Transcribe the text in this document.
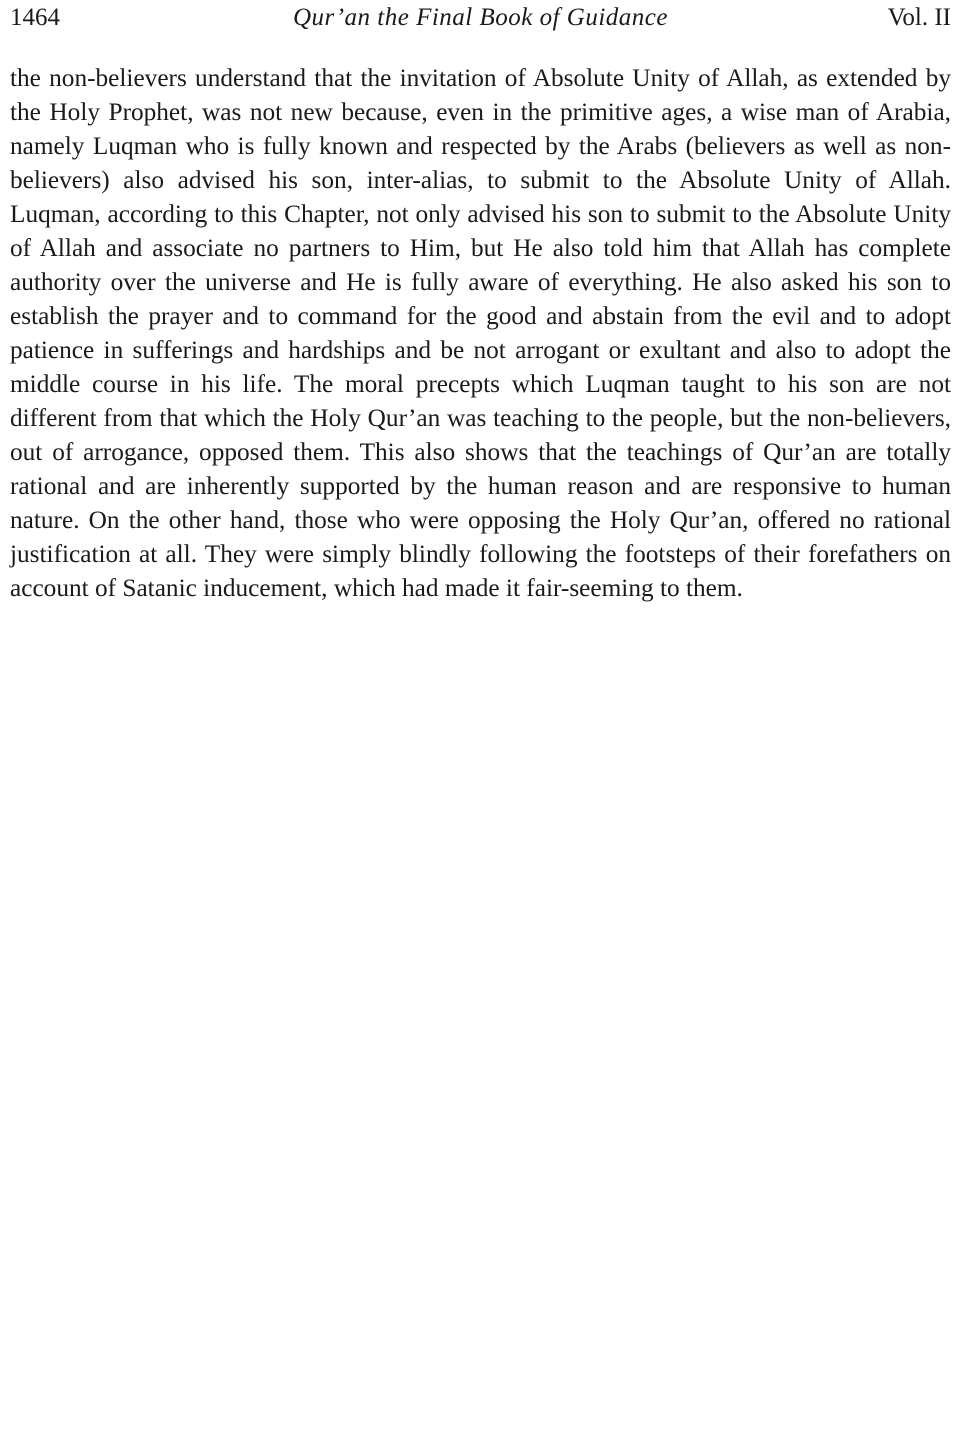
1464	Qur’an the Final Book of Guidance	Vol. II

the non-believers understand that the invitation of Absolute Unity of Allah, as extended by the Holy Prophet, was not new because, even in the primitive ages, a wise man of Arabia, namely Luqman who is fully known and respected by the Arabs (believers as well as non-believers) also advised his son, inter-alias, to submit to the Absolute Unity of Allah. Luqman, according to this Chapter, not only advised his son to submit to the Absolute Unity of Allah and associate no partners to Him, but He also told him that Allah has complete authority over the universe and He is fully aware of everything. He also asked his son to establish the prayer and to command for the good and abstain from the evil and to adopt patience in sufferings and hardships and be not arrogant or exultant and also to adopt the middle course in his life. The moral precepts which Luqman taught to his son are not different from that which the Holy Qur’an was teaching to the people, but the non-believers, out of arrogance, opposed them. This also shows that the teachings of Qur’an are totally rational and are inherently supported by the human reason and are responsive to human nature. On the other hand, those who were opposing the Holy Qur’an, offered no rational justification at all. They were simply blindly following the footsteps of their forefathers on account of Satanic inducement, which had made it fair-seeming to them.
